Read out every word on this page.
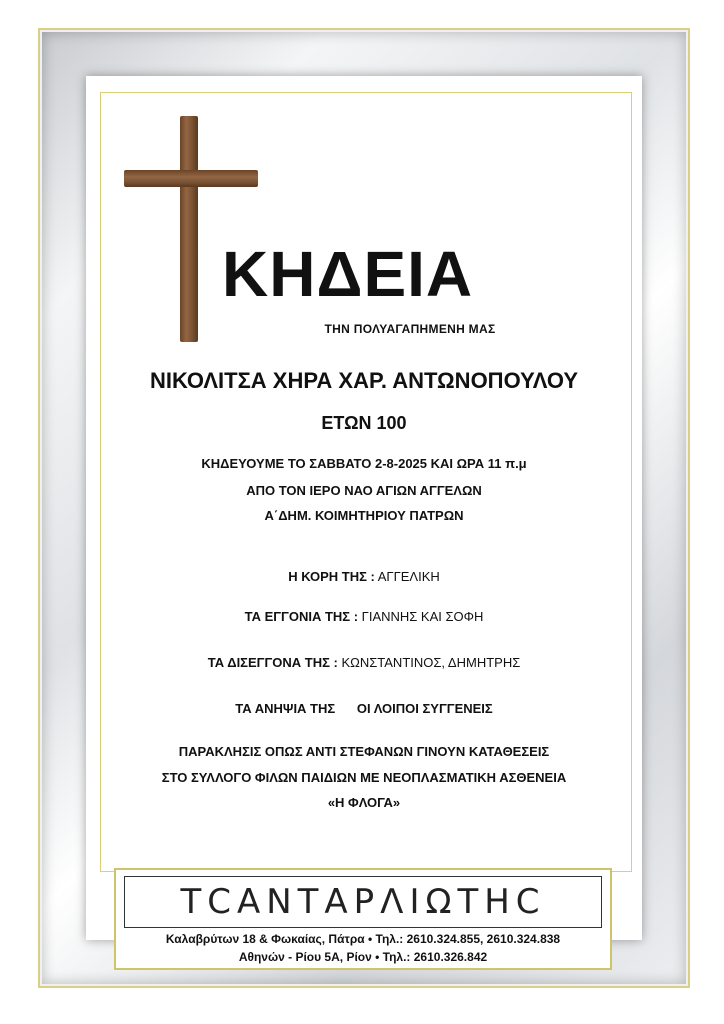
ΚΗΔΕΙΑ
ΤΗΝ ΠΟΛΥΑΓΑΠΗΜΕΝΗ ΜΑΣ
ΝΙΚΟΛΙΤΣΑ ΧΗΡΑ ΧΑΡ. ΑΝΤΩΝΟΠΟΥΛΟΥ
ΕΤΩΝ 100
ΚΗΔΕΥΟΥΜΕ ΤΟ ΣΑΒΒΑΤΟ 2-8-2025 ΚΑΙ ΩΡΑ 11 π.μ
ΑΠΟ ΤΟΝ ΙΕΡΟ ΝΑΟ ΑΓΙΩΝ ΑΓΓΕΛΩΝ
Α΄ΔΗΜ. ΚΟΙΜΗΤΗΡΙΟΥ ΠΑΤΡΩΝ
Η ΚΟΡΗ ΤΗΣ : ΑΓΓΕΛΙΚΗ
ΤΑ ΕΓΓΟΝΙΑ ΤΗΣ : ΓΙΑΝΝΗΣ ΚΑΙ ΣΟΦΗ
ΤΑ ΔΙΣΕΓΓΟΝΑ ΤΗΣ : ΚΩΝΣΤΑΝΤΙΝΟΣ, ΔΗΜΗΤΡΗΣ
ΤΑ ΑΝΗΨΙΑ ΤΗΣ      ΟΙ ΛΟΙΠΟΙ ΣΥΓΓΕΝΕΙΣ
ΠΑΡΑΚΛΗΣΙΣ ΟΠΩΣ ΑΝΤΙ ΣΤΕΦΑΝΩΝ ΓΙΝΟΥΝ ΚΑΤΑΘΕΣΕΙΣ
ΣΤΟ ΣΥΛΛΟΓΟ ΦΙΛΩΝ ΠΑΙΔΙΩΝ ΜΕ ΝΕΟΠΛΑΣΜΑΤΙΚΗ ΑΣΘΕΝΕΙΑ
«Η ΦΛΟΓΑ»
ΤCΑΝΤΑΡΛΙΩΤΗC
Καλαβρύτων 18 & Φωκαίας, Πάτρα • Τηλ.: 2610.324.855, 2610.324.838
Αθηνών - Ρίου 5Α, Ρίον • Τηλ.: 2610.326.842
